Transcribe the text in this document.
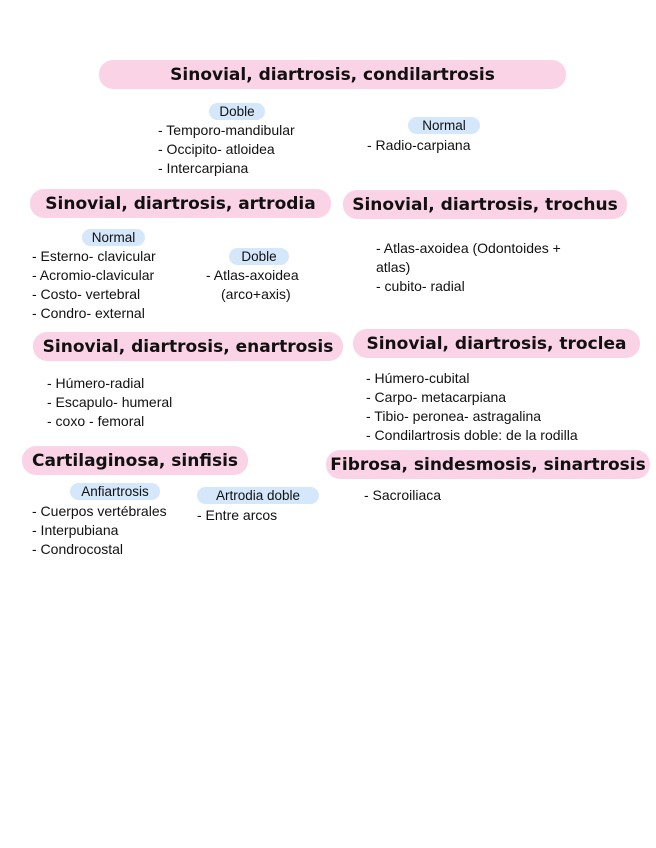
Sinovial, diartrosis, condilartrosis
Doble
- Temporo-mandibular
- Occipito- atloidea
- Intercarpiana
Normal
- Radio-carpiana
Sinovial, diartrosis, artrodia
Normal
- Esterno- clavicular
- Acromio-clavicular
- Costo- vertebral
- Condro- external
Doble
- Atlas-axoidea
(arco+axis)
Sinovial, diartrosis, trochus
- Atlas-axoidea (Odontoides +
atlas)
- cubito- radial
Sinovial, diartrosis, enartrosis
- Húmero-radial
- Escapulo- humeral
- coxo - femoral
Sinovial, diartrosis, troclea
- Húmero-cubital
- Carpo- metacarpiana
- Tibio- peronea- astragalina
- Condilartrosis doble: de la rodilla
Cartilaginosa, sinfisis
Anfiartrosis
- Cuerpos vertébrales
- Interpubiana
- Condrocostal
Artrodia doble
- Entre arcos
Fibrosa, sindesmosis, sinartrosis
- Sacroiliaca
